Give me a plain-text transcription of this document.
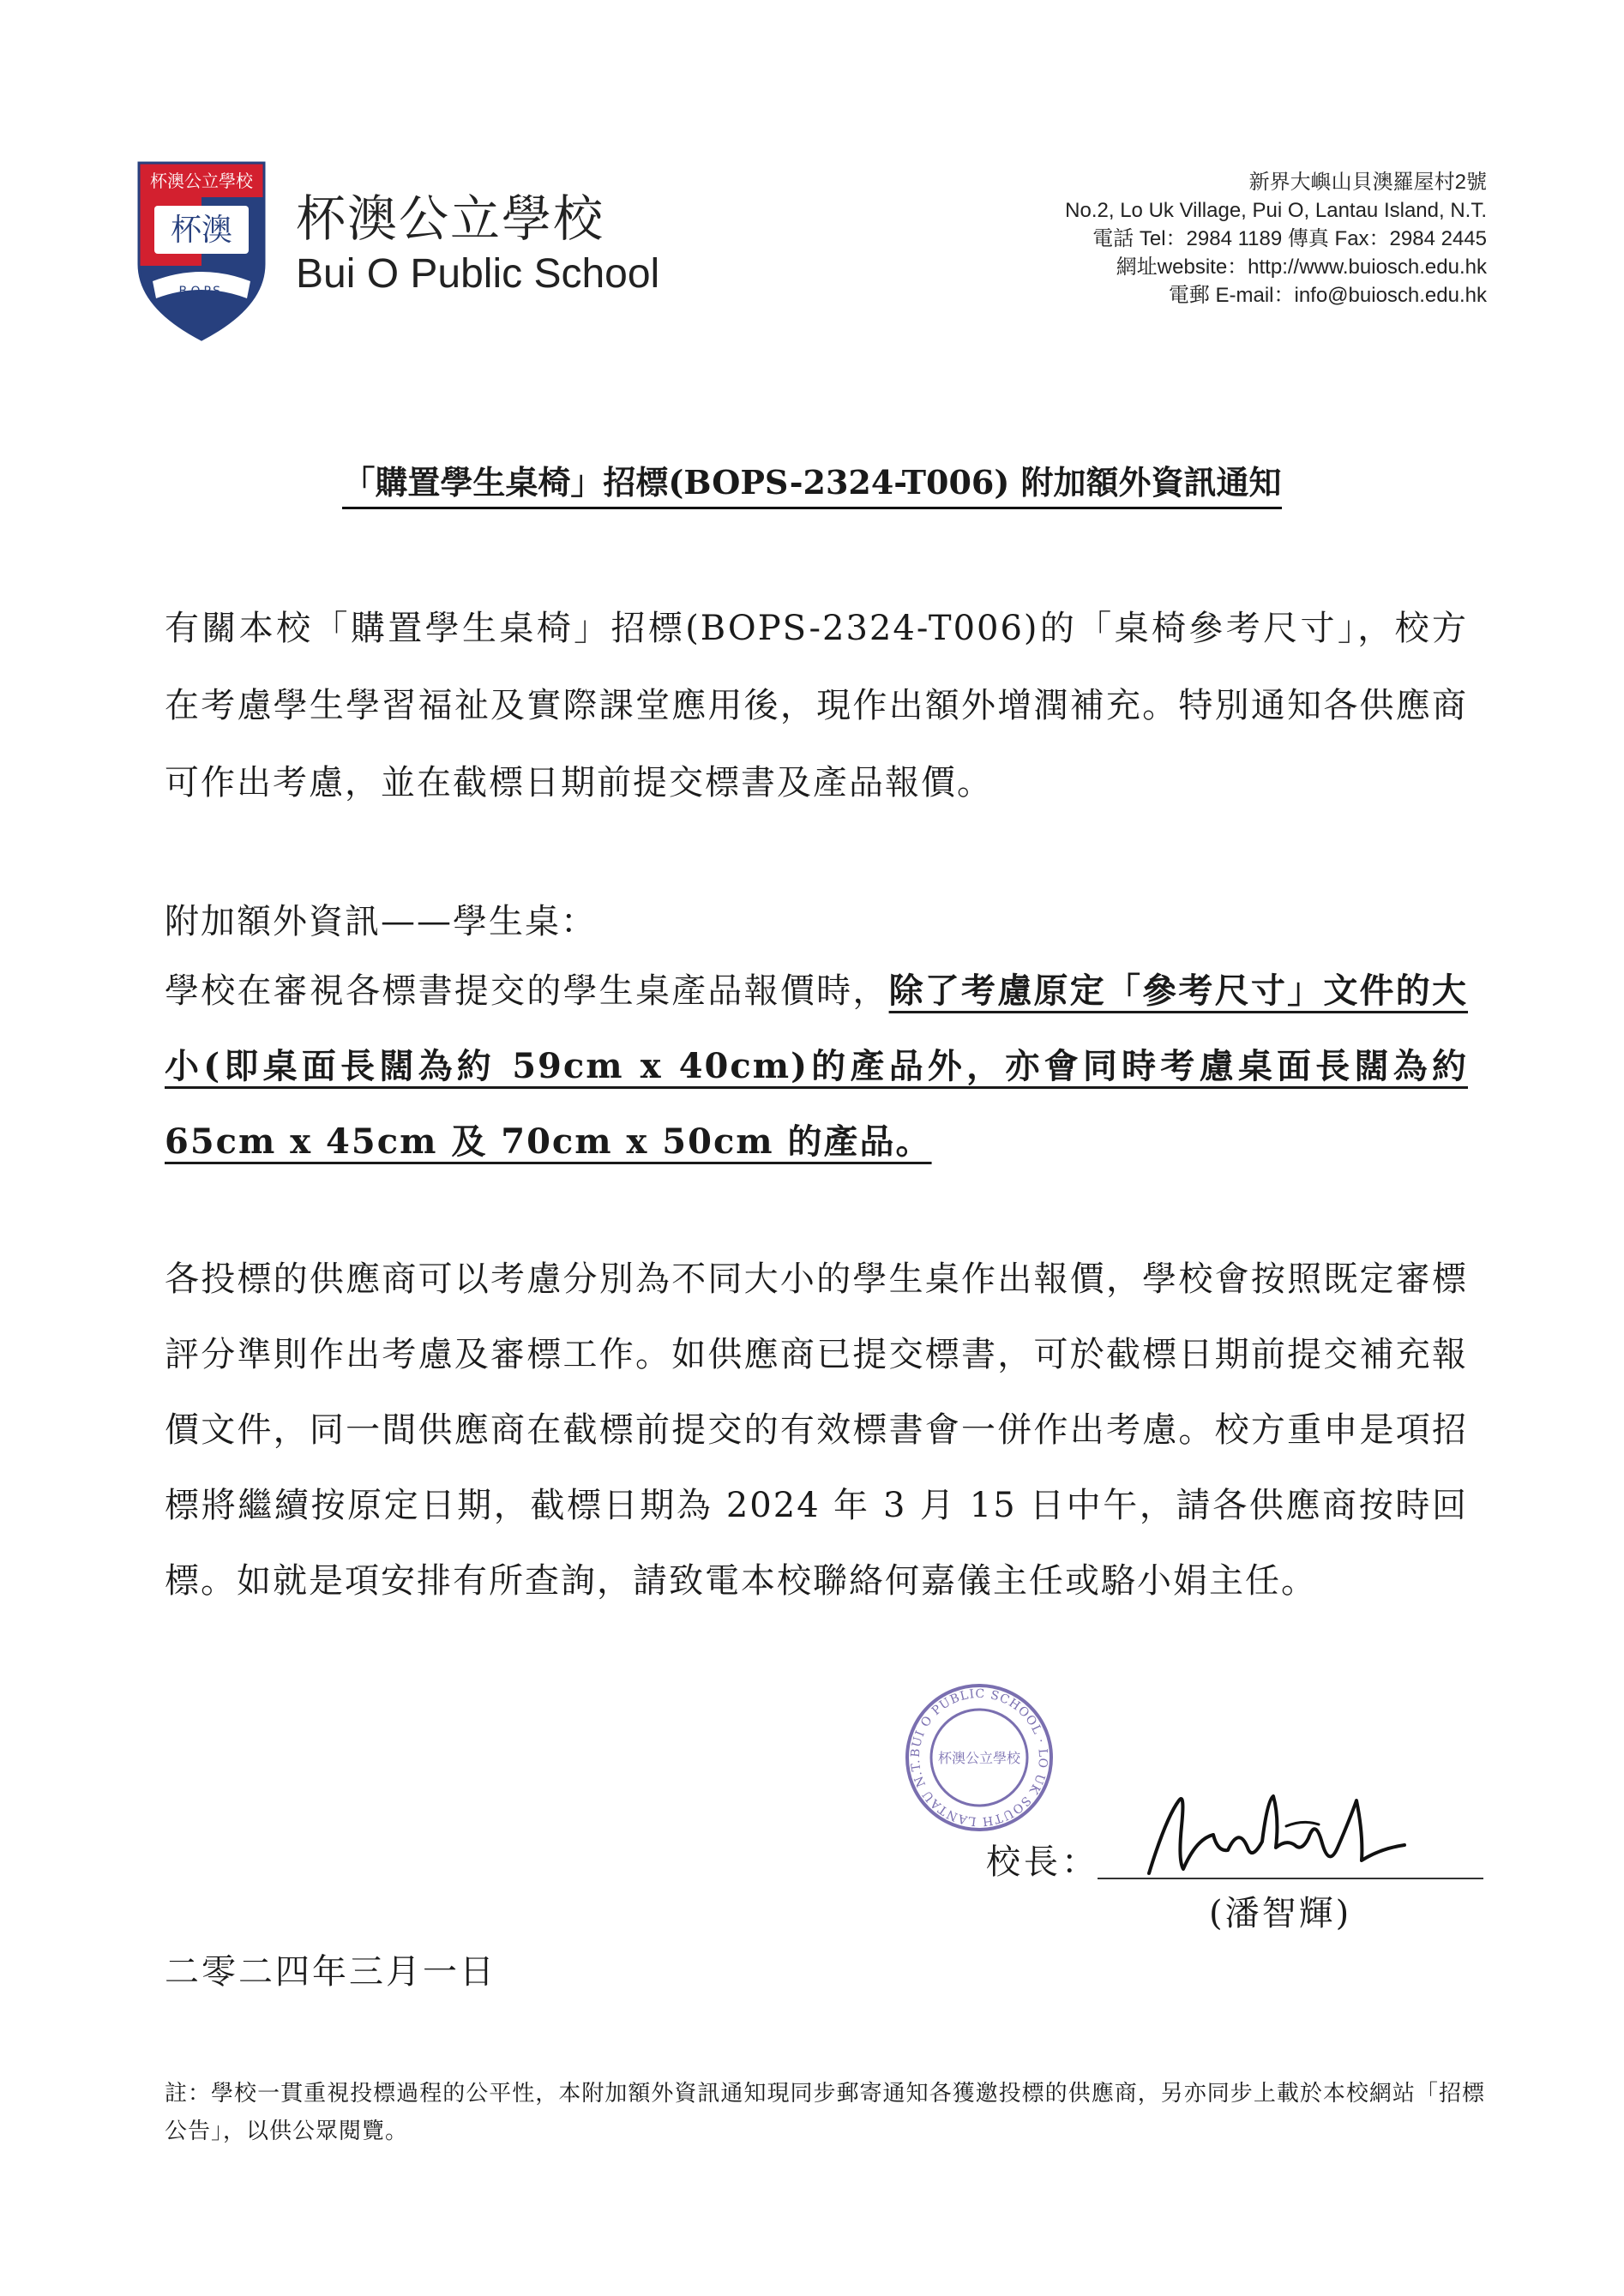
杯澳公立學校
杯澳
B.O.P.S.
杯澳公立學校
Bui O Public School
新界大嶼山貝澳羅屋村2號
No.2, Lo Uk Village, Pui O, Lantau Island, N.T.
電話 Tel：2984 1189 傳真 Fax：2984 2445
網址website：http://www.buiosch.edu.hk
電郵 E-mail：info@buiosch.edu.hk
「購置學生桌椅」招標(BOPS-2324-T006) 附加額外資訊通知
有關本校「購置學生桌椅」招標(BOPS-2324-T006)的「桌椅參考尺寸」，校方在考慮學生學習福祉及實際課堂應用後，現作出額外增潤補充。特別通知各供應商可作出考慮，並在截標日期前提交標書及產品報價。
附加額外資訊——學生桌：
學校在審視各標書提交的學生桌產品報價時，除了考慮原定「參考尺寸」文件的大小(即桌面長闊為約 59cm x 40cm)的產品外，亦會同時考慮桌面長闊為約 65cm x 45cm 及 70cm x 50cm 的產品。
各投標的供應商可以考慮分別為不同大小的學生桌作出報價，學校會按照既定審標評分準則作出考慮及審標工作。如供應商已提交標書，可於截標日期前提交補充報價文件，同一間供應商在截標前提交的有效標書會一併作出考慮。校方重申是項招標將繼續按原定日期，截標日期為 2024 年 3 月 15 日中午，請各供應商按時回標。如就是項安排有所查詢，請致電本校聯絡何嘉儀主任或駱小娟主任。
BUI O PUBLIC SCHOOL · LO UK SOUTH LANTAU N.T.	杯澳公立學校
校長：
(潘智輝)
二零二四年三月一日
註：學校一貫重視投標過程的公平性，本附加額外資訊通知現同步郵寄通知各獲邀投標的供應商，另亦同步上載於本校網站「招標公告」，以供公眾閱覽。
